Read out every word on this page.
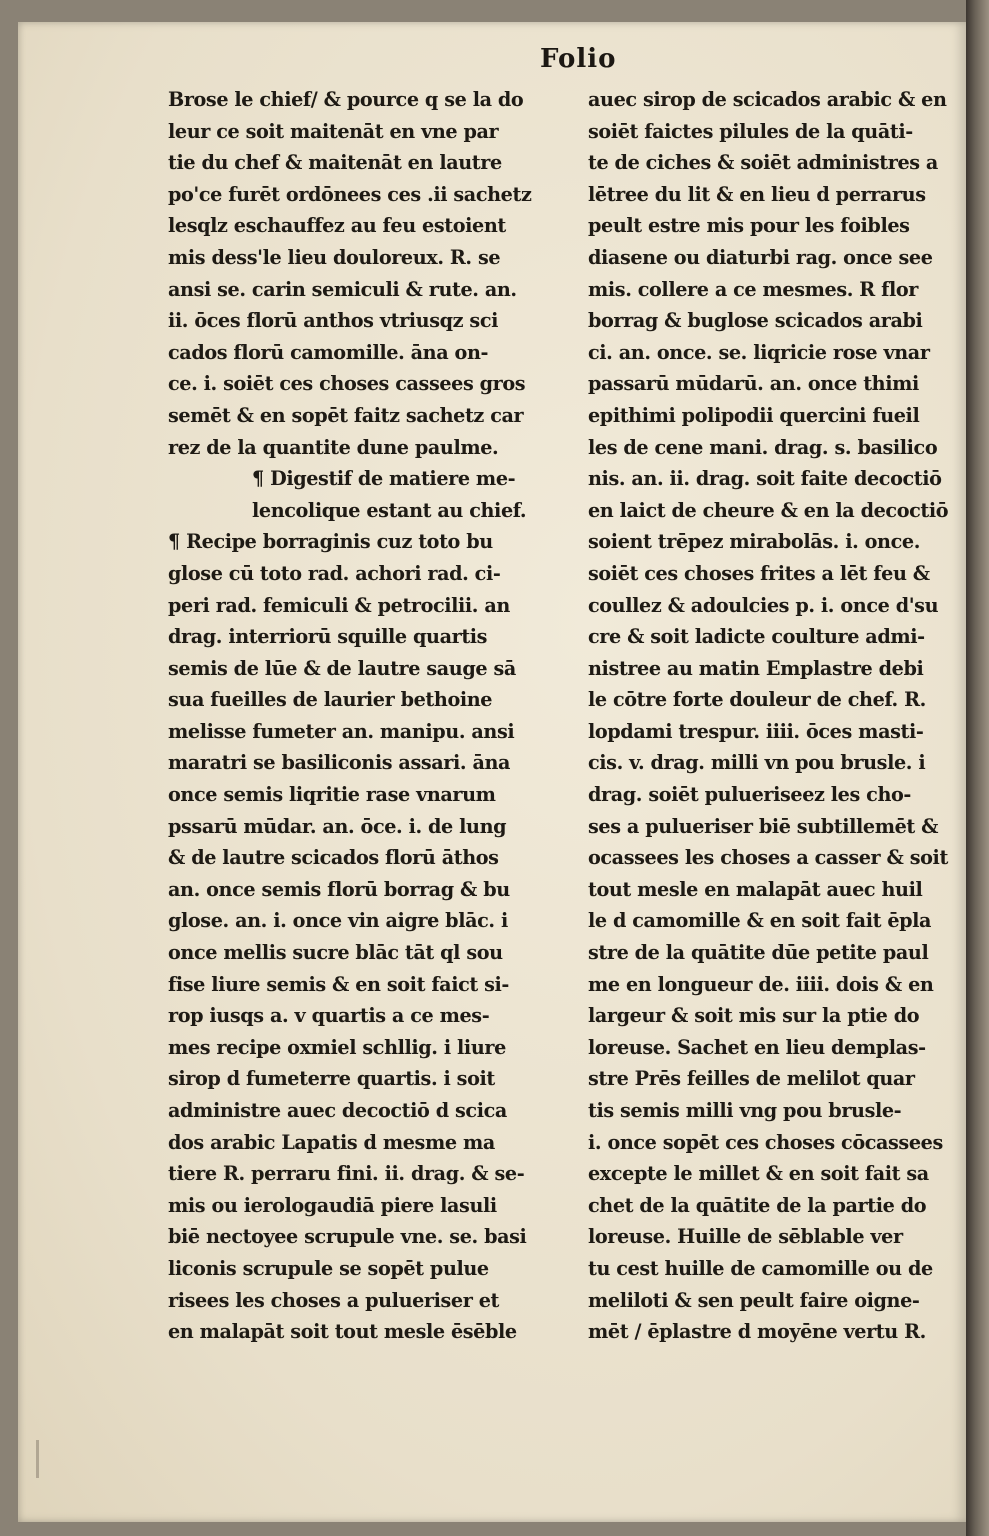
Folio
Brose le chief/ & pource q se la do
leur ce soit maitenāt en vne par
tie du chef & maitenāt en lautre
po'ce furēt ordōnees ces .ii sachetz
lesqlz eschauffez au feu estoient
mis dess'le lieu douloreux. R. se
ansi se. carin semiculi & rute. an.
ii. ōces florū anthos vtriusqz sci
cados florū camomille. āna on-
ce. i. soiēt ces choses cassees gros
semēt & en sopēt faitz sachetz car
rez de la quantite dune paulme.
¶ Digestif de matiere me-
lencolique estant au chief.
¶ Recipe borraginis cuz toto bu
glose cū toto rad. achori rad. ci-
peri rad. femiculi & petrocilii. an
drag. interriorū squille quartis
semis de lūe & de lautre sauge sā
sua fueilles de laurier bethoine
melisse fumeter an. manipu. ansi
maratri se basiliconis assari. āna
once semis liqritie rase vnarum
pssarū mūdar. an. ōce. i. de lung
& de lautre scicados florū āthos
an. once semis florū borrag & bu
glose. an. i. once vin aigre blāc. i
once mellis sucre blāc tāt ql sou
fise liure semis & en soit faict si-
rop iusqs a. v quartis a ce mes-
mes recipe oxmiel schllig. i liure
sirop d fumeterre quartis. i soit
administre auec decoctiō d scica
dos arabic Lapatis d mesme ma
tiere R. perraru fini. ii. drag. & se-
mis ou ierologaudiā piere lasuli
biē nectoyee scrupule vne. se. basi
liconis scrupule se sopēt pulue
risees les choses a pulueriser et
en malapāt soit tout mesle ēsēble
auec sirop de scicados arabic & en
soiēt faictes pilules de la quāti-
te de ciches & soiēt administres a
lētree du lit & en lieu d perrarus
peult estre mis pour les foibles
diasene ou diaturbi rag. once see
mis. collere a ce mesmes. R flor
borrag & buglose scicados arabi
ci. an. once. se. liqricie rose vnar
passarū mūdarū. an. once thimi
epithimi polipodii quercini fueil
les de cene mani. drag. s. basilico
nis. an. ii. drag. soit faite decoctiō
en laict de cheure & en la decoctiō
soient trēpez mirabolās. i. once.
soiēt ces choses frites a lēt feu &
coullez & adoulcies p. i. once d'su
cre & soit ladicte coulture admi-
nistree au matin Emplastre debi
le cōtre forte douleur de chef. R.
lopdami trespur. iiii. ōces masti-
cis. v. drag. milli vn pou brusle. i
drag. soiēt pulueriseez les cho-
ses a pulueriser biē subtillemēt &
ocassees les choses a casser & soit
tout mesle en malapāt auec huil
le d camomille & en soit fait ēpla
stre de la quātite dūe petite paul
me en longueur de. iiii. dois & en
largeur & soit mis sur la ptie do
loreuse. Sachet en lieu demplas-
stre Prēs feilles de melilot quar
tis semis milli vng pou brusle-
i. once sopēt ces choses cōcassees
excepte le millet & en soit fait sa
chet de la quātite de la partie do
loreuse. Huille de sēblable ver
tu cest huille de camomille ou de
meliloti & sen peult faire oigne-
mēt / ēplastre d moyēne vertu R.
